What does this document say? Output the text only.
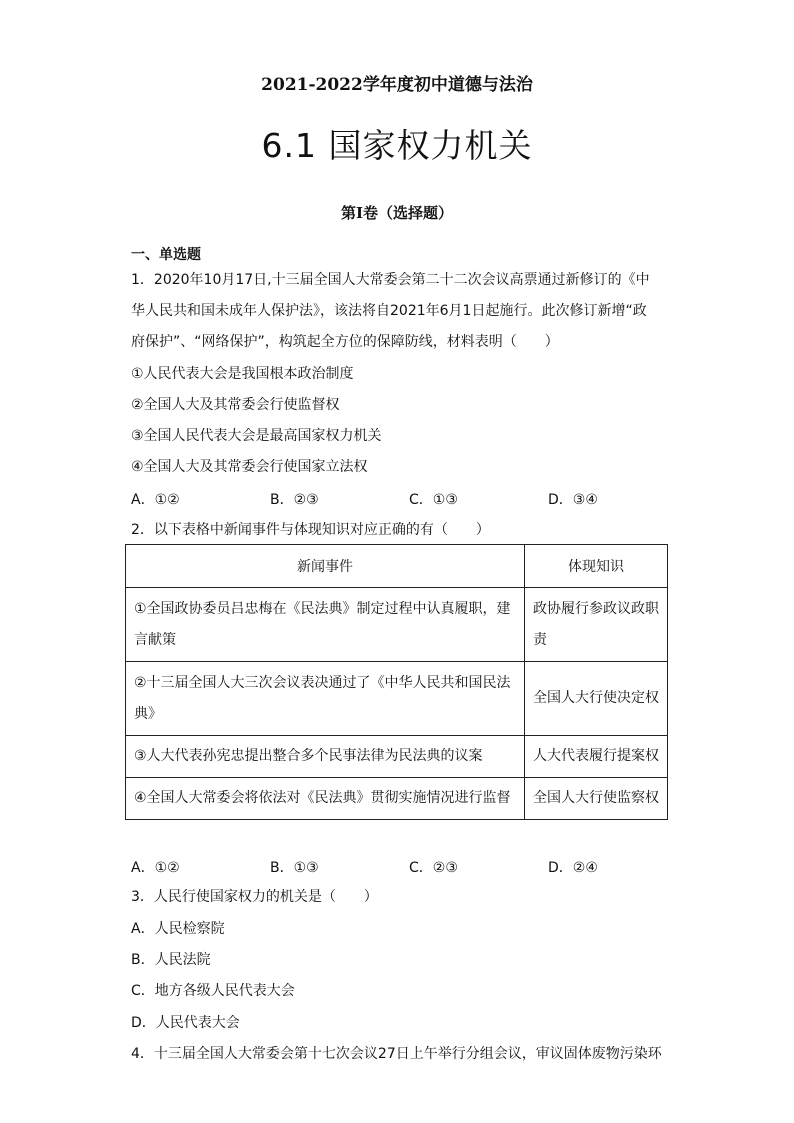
2021-2022学年度初中道德与法治
6.1 国家权力机关
第I卷（选择题）
一、单选题
1．2020年10月17日,十三届全国人大常委会第二十二次会议高票通过新修订的《中
华人民共和国未成年人保护法》，该法将自2021年6月1日起施行。此次修订新增“政
府保护”、“网络保护”，构筑起全方位的保障防线，材料表明（　　）
①人民代表大会是我国根本政治制度
②全国人大及其常委会行使监督权
③全国人民代表大会是最高国家权力机关
④全国人大及其常委会行使国家立法权
A．①②	B．②③	C．①③	D．③④
2．以下表格中新闻事件与体现知识对应正确的有（　　）
新闻事件	体现知识
①全国政协委员吕忠梅在《民法典》制定过程中认真履职，建
言献策	政协履行参政议政职
责
②十三届全国人大三次会议表决通过了《中华人民共和国民法
典》	全国人大行使决定权
③人大代表孙宪忠提出整合多个民事法律为民法典的议案	人大代表履行提案权
④全国人大常委会将依法对《民法典》贯彻实施情况进行监督	全国人大行使监察权
A．①②	B．①③	C．②③	D．②④
3．人民行使国家权力的机关是（　　）
A．人民检察院
B．人民法院
C．地方各级人民代表大会
D．人民代表大会
4．十三届全国人大常委会第十七次会议27日上午举行分组会议，审议固体废物污染环
